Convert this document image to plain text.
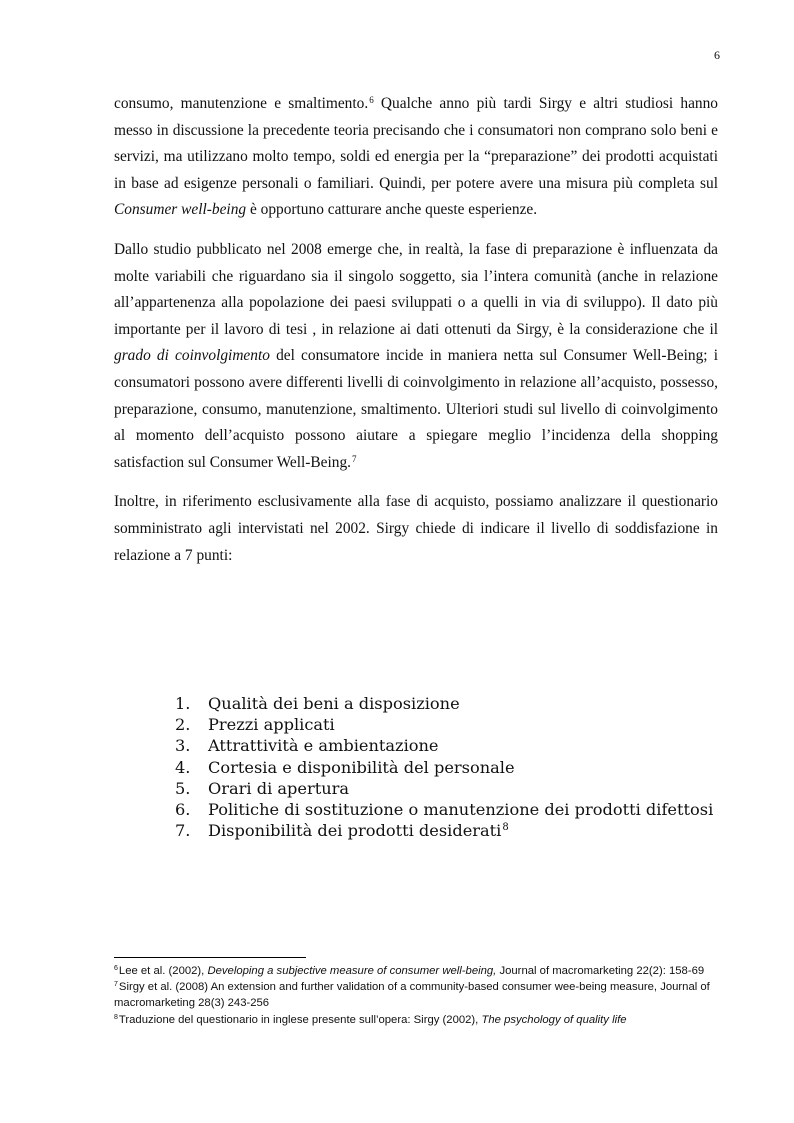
6

consumo, manutenzione e smaltimento.$^6$ Qualche anno più tardi Sirgy e altri studiosi hanno messo in discussione la precedente teoria precisando che i consumatori non comprano solo beni e servizi, ma utilizzano molto tempo, soldi ed energia per la “preparazione” dei prodotti acquistati in base ad esigenze personali o familiari. Quindi, per potere avere una misura più completa sul Consumer well-being è opportuno catturare anche queste esperienze.

Dallo studio pubblicato nel 2008 emerge che, in realtà, la fase di preparazione è influenzata da molte variabili che riguardano sia il singolo soggetto, sia l’intera comunità (anche in relazione all’appartenenza alla popolazione dei paesi sviluppati o a quelli in via di sviluppo). Il dato più importante per il lavoro di tesi , in relazione ai dati ottenuti da Sirgy, è la considerazione che il grado di coinvolgimento del consumatore incide in maniera netta sul Consumer Well-Being; i consumatori possono avere differenti livelli di coinvolgimento in relazione all’acquisto, possesso, preparazione, consumo, manutenzione, smaltimento. Ulteriori studi sul livello di coinvolgimento al momento dell’acquisto possono aiutare a spiegare meglio l’incidenza della shopping satisfaction sul Consumer Well-Being.$^7$

Inoltre, in riferimento esclusivamente alla fase di acquisto, possiamo analizzare il questionario somministrato agli intervistati nel 2002. Sirgy chiede di indicare il livello di soddisfazione in relazione a 7 punti:

1. Qualità dei beni a disposizione
2. Prezzi applicati
3. Attrattività e ambientazione
4. Cortesia e disponibilità del personale
5. Orari di apertura
6. Politiche di sostituzione o manutenzione dei prodotti difettosi
7. Disponibilità dei prodotti desiderati$^8$

$^6$Lee et al. (2002), Developing a subjective measure of consumer well-being, Journal of macromarketing 22(2): 158-69

$^7$Sirgy et al. (2008) An extension and further validation of a community-based consumer wee-being measure, Journal of macromarketing 28(3) 243-256

$^8$Traduzione del questionario in inglese presente sull’opera: Sirgy (2002), The psychology of quality life
